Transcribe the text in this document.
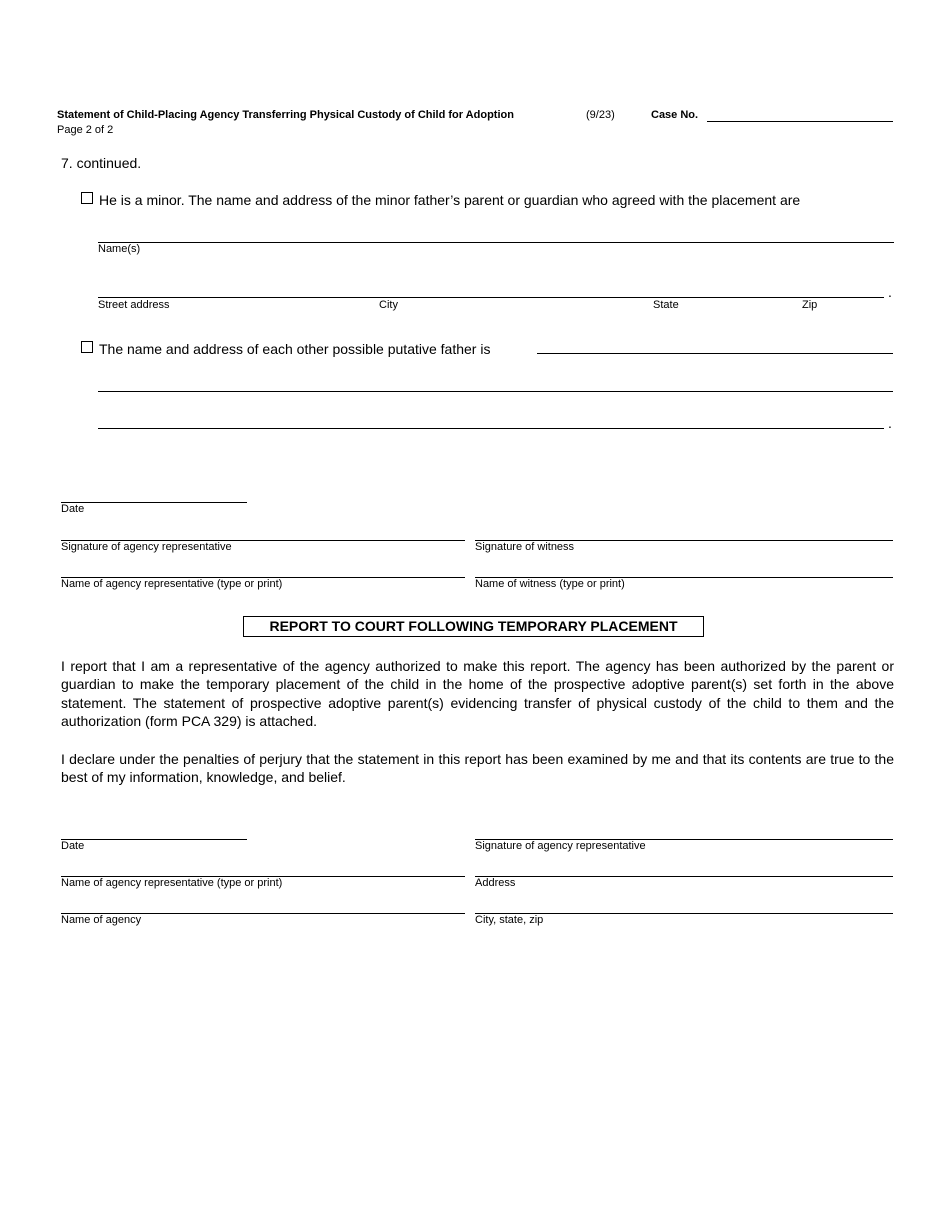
Statement of Child-Placing Agency Transferring Physical Custody of Child for Adoption	(9/23)	Case No.
Page 2 of 2
7. continued.
He is a minor. The name and address of the minor father’s parent or guardian who agreed with the placement are
Name(s)
.
Street address	City	State	Zip
The name and address of each other possible putative father is
.
Date
Signature of agency representative	Signature of witness
Name of agency representative (type or print)	Name of witness (type or print)
REPORT TO COURT FOLLOWING TEMPORARY PLACEMENT
I report that I am a representative of the agency authorized to make this report. The agency has been authorized by the parent or guardian to make the temporary placement of the child in the home of the prospective adoptive parent(s) set forth in the above statement. The statement of prospective adoptive parent(s) evidencing transfer of physical custody of the child to them and the authorization (form PCA 329) is attached.
I declare under the penalties of perjury that the statement in this report has been examined by me and that its contents are true to the best of my information, knowledge, and belief.
Date	Signature of agency representative
Name of agency representative (type or print)	Address
Name of agency	City, state, zip
